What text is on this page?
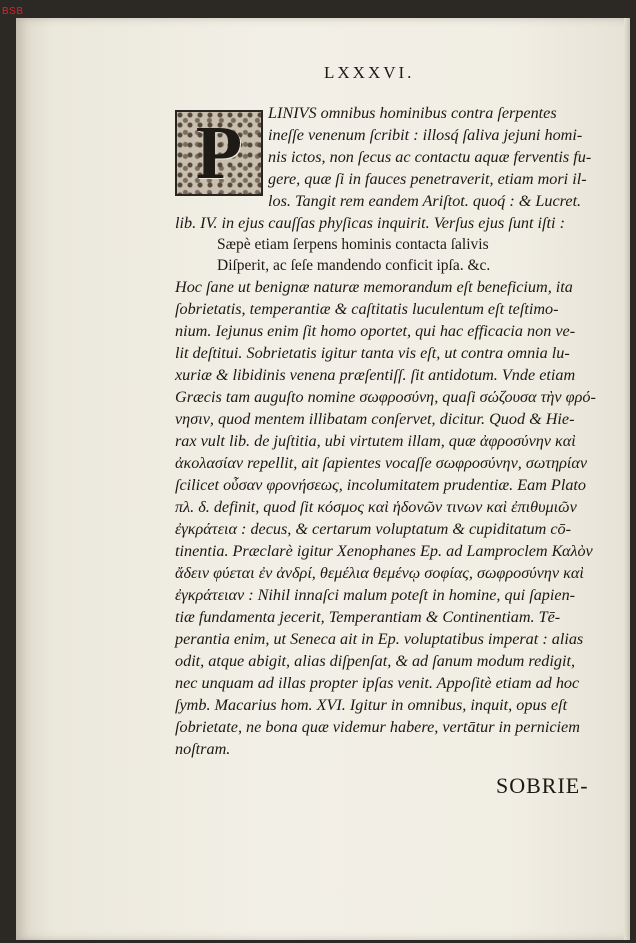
BSB
LXXXVI.
P LINIVS omnibus hominibus contra ſerpentes
ineſſe venenum ſcribit : illosq́ ſaliva jejuni homi-
nis ictos, non ſecus ac contactu aquæ ferventis fu-
gere, quæ ſi in fauces penetraverit, etiam mori il-
los. Tangit rem eandem Ariſtot. quoq́ : & Lucret.
lib. IV. in ejus cauſſas phyſicas inquirit. Verſus ejus ſunt iſti :
Sæpè etiam ſerpens hominis contacta ſalivis
Diſperit, ac ſeſe mandendo conficit ipſa. &c.
Hoc ſane ut benignæ naturæ memorandum eſt beneficium, ita
ſobrietatis, temperantiæ & caſtitatis luculentum eſt teſtimo-
nium. Iejunus enim ſit homo oportet, qui hac efficacia non ve-
lit deſtitui. Sobrietatis igitur tanta vis eſt, ut contra omnia lu-
xuriæ & libidinis venena præſentiſſ. ſit antidotum. Vnde etiam
Græcis tam auguſto nomine σωφροσύνη, quaſi σώζουσα τὴν φρό-
νησιν, quod mentem illibatam conſervet, dicitur. Quod & Hie-
rax vult lib. de juſtitia, ubi virtutem illam, quæ ἀφροσύνην καὶ
ἀκολασίαν repellit, ait ſapientes vocaſſe σωφροσύνην, σωτηρίαν
ſcilicet οὖσαν φρονήσεως, incolumitatem prudentiæ. Eam Plato
πλ. δ. definit, quod ſit κόσμος καὶ ἡδονῶν τινων καὶ ἐπιθυμιῶν
ἐγκράτεια : decus, & certarum voluptatum & cupiditatum cō-
tinentia. Præclarè igitur Xenophanes Ep. ad Lamproclem Καλὸν
ἄδειν φύεται ἐν ἀνδρί, θεμέλια θεμένῳ σοφίας, σωφροσύνην καὶ
ἐγκράτειαν : Nihil innaſci malum poteſt in homine, qui ſapien-
tiæ fundamenta jecerit, Temperantiam & Continentiam. Tē-
perantia enim, ut Seneca ait in Ep. voluptatibus imperat : alias
odit, atque abigit, alias diſpenſat, & ad ſanum modum redigit,
nec unquam ad illas propter ipſas venit. Appoſitè etiam ad hoc
ſymb. Macarius hom. XVI. Igitur in omnibus, inquit, opus eſt
ſobrietate, ne bona quæ videmur habere, vertātur in perniciem
noſtram.
SOBRIE-
